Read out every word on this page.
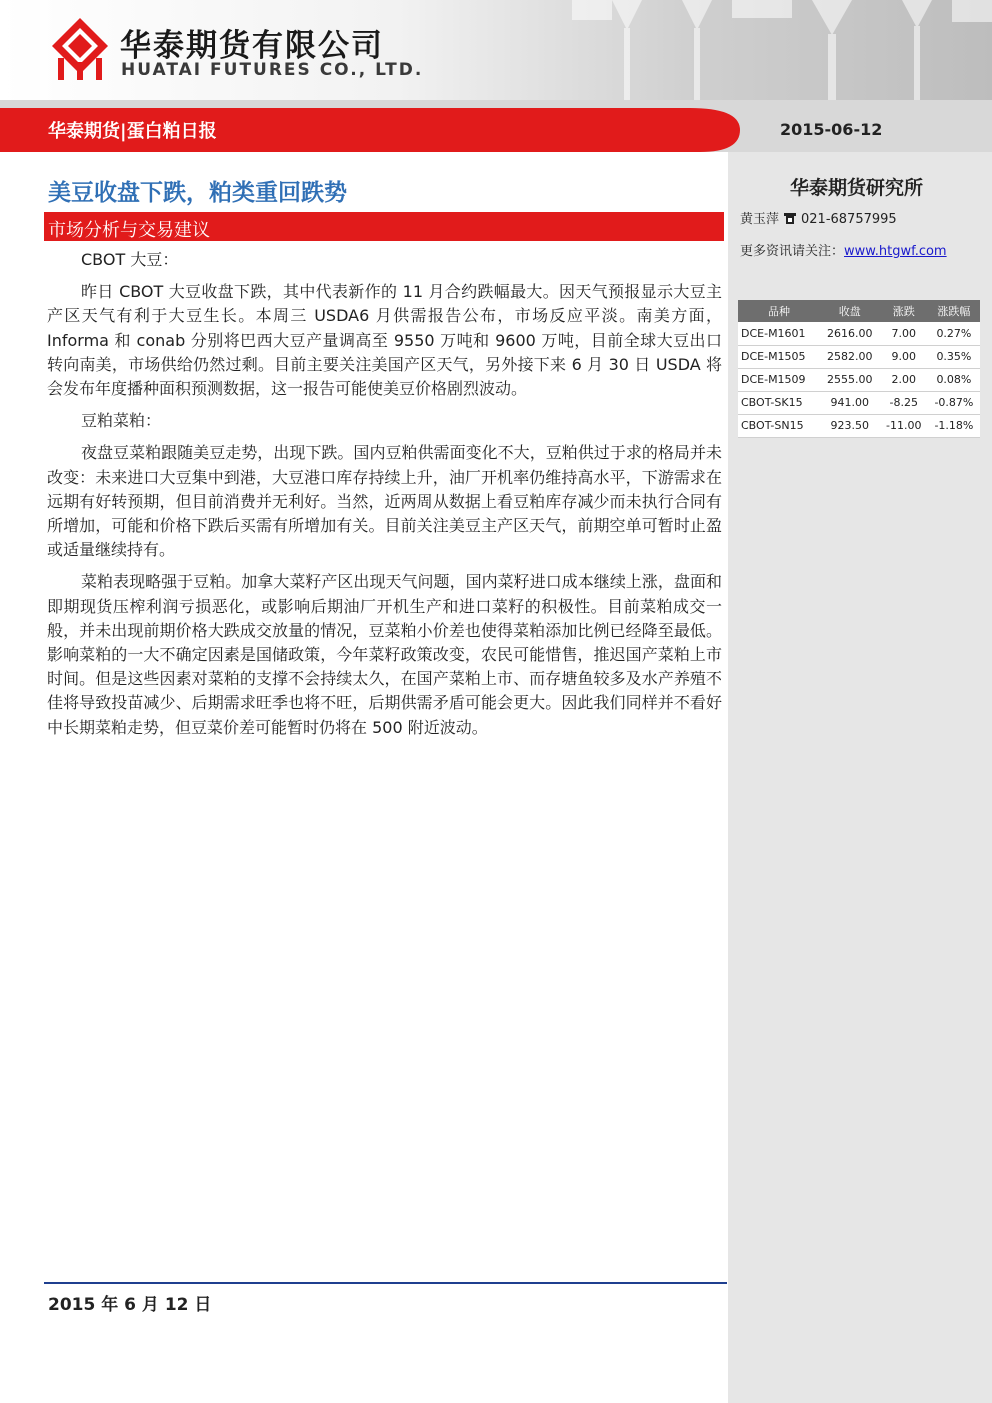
华泰期货有限公司
HUATAI FUTURES CO., LTD.
华泰期货|蛋白粕日报	2015-06-12
华泰期货研究所
黄玉萍 021-68757995
更多资讯请关注：www.htgwf.com
品种	收盘	涨跌	涨跌幅
DCE-M1601	2616.00	7.00	0.27%
DCE-M1505	2582.00	9.00	0.35%
DCE-M1509	2555.00	2.00	0.08%
CBOT-SK15	941.00	-8.25	-0.87%
CBOT-SN15	923.50	-11.00	-1.18%
美豆收盘下跌，粕类重回跌势
市场分析与交易建议

CBOT 大豆：

昨日 CBOT 大豆收盘下跌，其中代表新作的 11 月合约跌幅最大。因天气预报显示大豆主产区天气有利于大豆生长。本周三 USDA6 月供需报告公布，市场反应平淡。南美方面，Informa 和 conab 分别将巴西大豆产量调高至 9550 万吨和 9600 万吨，目前全球大豆出口转向南美，市场供给仍然过剩。目前主要关注美国产区天气，另外接下来 6 月 30 日 USDA 将会发布年度播种面积预测数据，这一报告可能使美豆价格剧烈波动。

豆粕菜粕：

夜盘豆菜粕跟随美豆走势，出现下跌。国内豆粕供需面变化不大，豆粕供过于求的格局并未改变：未来进口大豆集中到港，大豆港口库存持续上升，油厂开机率仍维持高水平，下游需求在远期有好转预期，但目前消费并无利好。当然，近两周从数据上看豆粕库存减少而未执行合同有所增加，可能和价格下跌后买需有所增加有关。目前关注美豆主产区天气，前期空单可暂时止盈或适量继续持有。

菜粕表现略强于豆粕。加拿大菜籽产区出现天气问题，国内菜籽进口成本继续上涨，盘面和即期现货压榨利润亏损恶化，或影响后期油厂开机生产和进口菜籽的积极性。目前菜粕成交一般，并未出现前期价格大跌成交放量的情况，豆菜粕小价差也使得菜粕添加比例已经降至最低。影响菜粕的一大不确定因素是国储政策，今年菜籽政策改变，农民可能惜售，推迟国产菜粕上市时间。但是这些因素对菜粕的支撑不会持续太久，在国产菜粕上市、而存塘鱼较多及水产养殖不佳将导致投苗减少、后期需求旺季也将不旺，后期供需矛盾可能会更大。因此我们同样并不看好中长期菜粕走势，但豆菜价差可能暂时仍将在 500 附近波动。

2015 年 6 月 12 日
